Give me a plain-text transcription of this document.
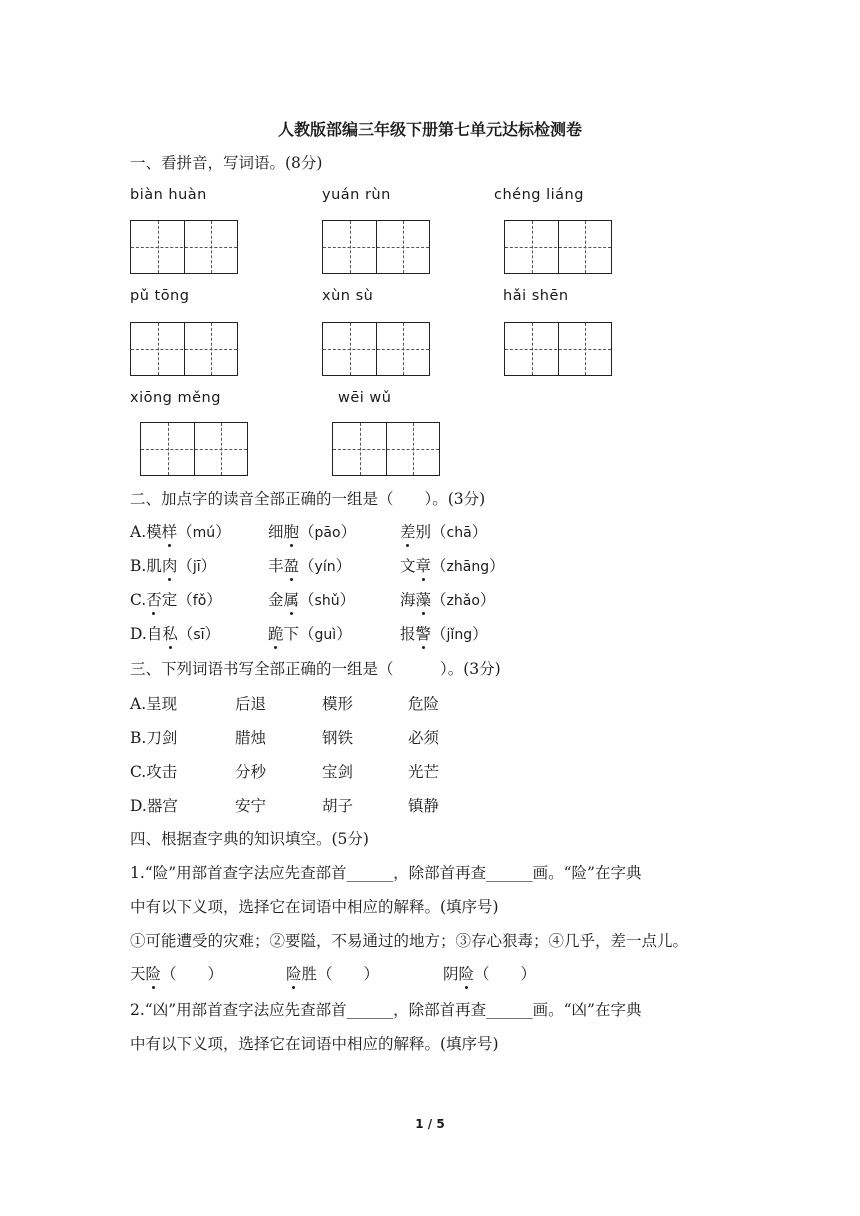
人教版部编三年级下册第七单元达标检测卷
一、看拼音，写词语。(8分)
biàn huàn	yuán rùn	chéng liáng
pǔ tōng	xùn sù	hǎi shēn
xiōng měng	wēi wǔ
二、加点字的读音全部正确的一组是（　　）。(3分)
A.模样（mú） 细胞（pāo）	差别（chā）
B.肌肉（jī）	丰盈（yín）	文章（zhāng）
C.否定（fǒ）	金属（shǔ）	海藻（zhǎo）
D.自私（sī）	跪下（guì）	报警（jǐng）
三、下列词语书写全部正确的一组是（　　　）。(3分)
A.呈现	后退	模形	危险
B.刀剑	腊烛	钢铁	必须
C.攻击	分秒	宝剑	光芒
D.器宫	安宁	胡子	镇静
四、根据查字典的知识填空。(5分)
1.“险”用部首查字法应先查部首______，除部首再查______画。“险”在字典
中有以下义项，选择它在词语中相应的解释。(填序号)
①可能遭受的灾难；②要隘，不易通过的地方；③存心狠毒；④几乎，差一点儿。
天险（　　）	险胜（　　）	阴险（　　）
2.“凶”用部首查字法应先查部首______，除部首再查______画。“凶”在字典
中有以下义项，选择它在词语中相应的解释。(填序号)
1 / 5
